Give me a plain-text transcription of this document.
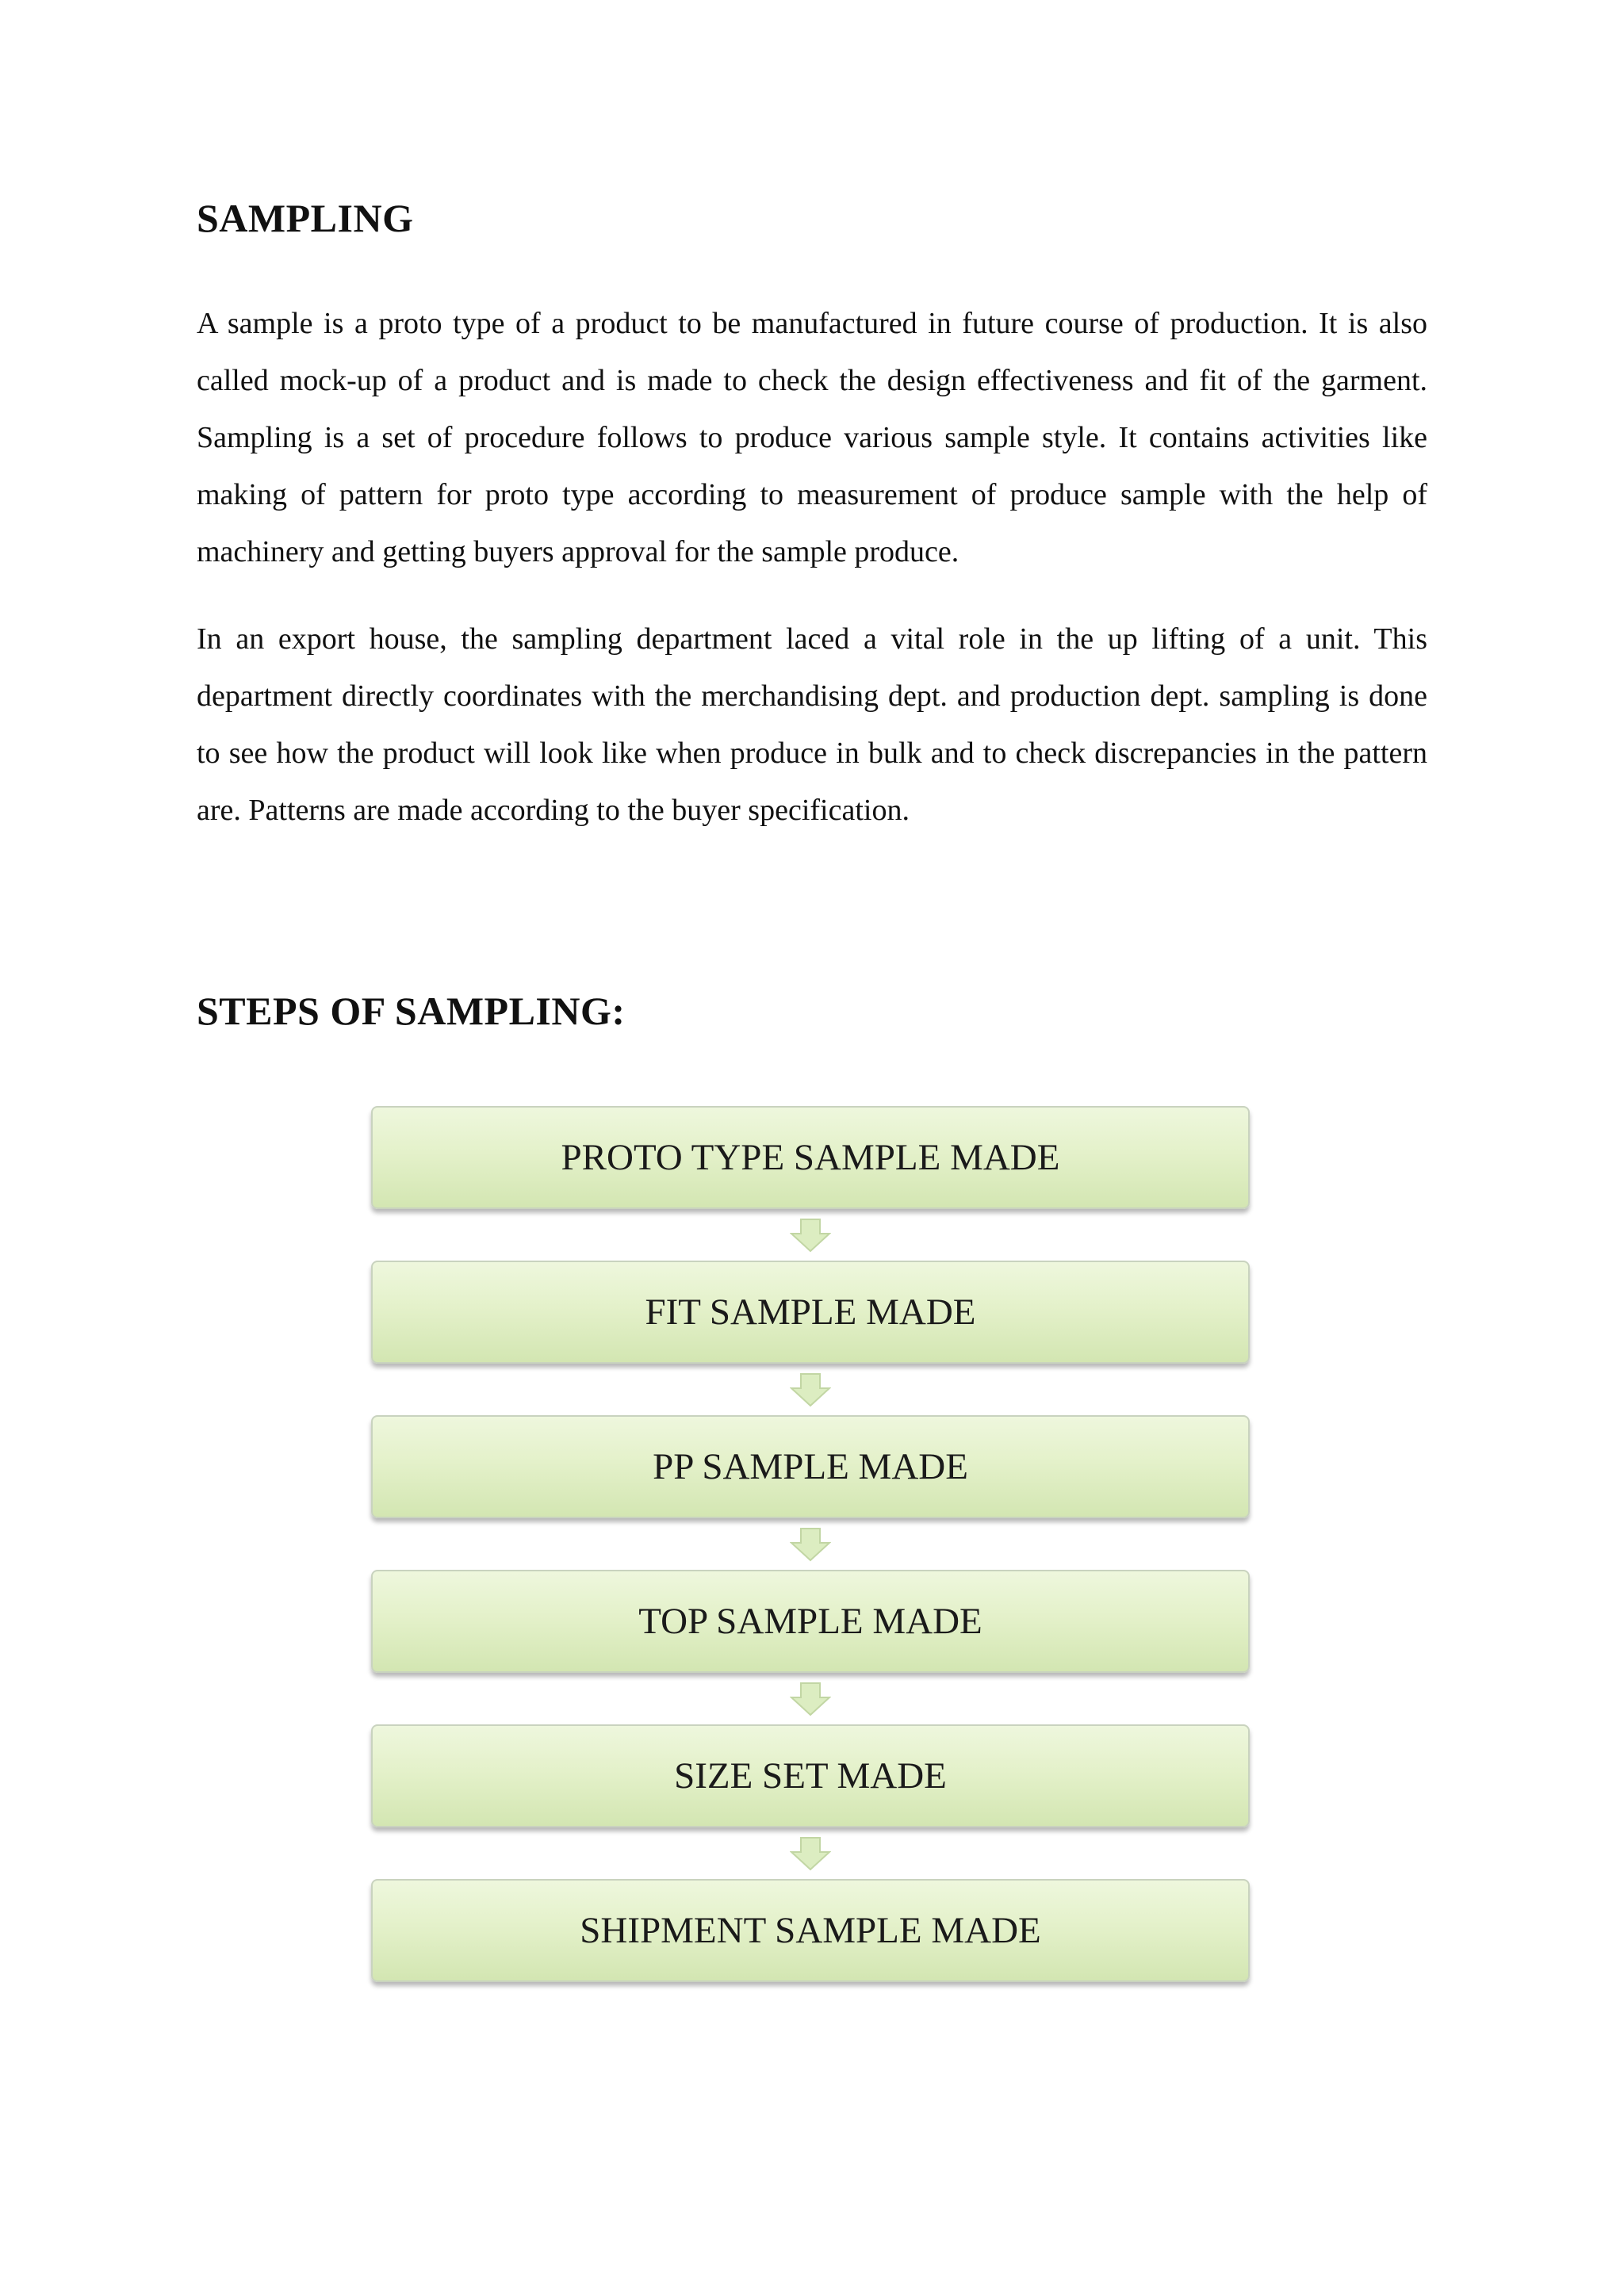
SAMPLING

A sample is a proto type of a product to be manufactured in future course of production. It is also called mock-up of a product and is made to check the design effectiveness and fit of the garment. Sampling is a set of procedure follows to produce various sample style. It contains activities like making of pattern for proto type according to measurement of produce sample with the help of machinery and getting buyers approval for the sample produce.

In an export house, the sampling department laced a vital role in the up lifting of a unit. This department directly coordinates with the merchandising dept. and production dept. sampling is done to see how the product will look like when produce in bulk and to check discrepancies in the pattern are. Patterns are made according to the buyer specification.

STEPS OF SAMPLING:
PROTO TYPE SAMPLE MADE
FIT SAMPLE MADE
PP SAMPLE MADE
TOP SAMPLE MADE
SIZE SET MADE
SHIPMENT SAMPLE MADE
